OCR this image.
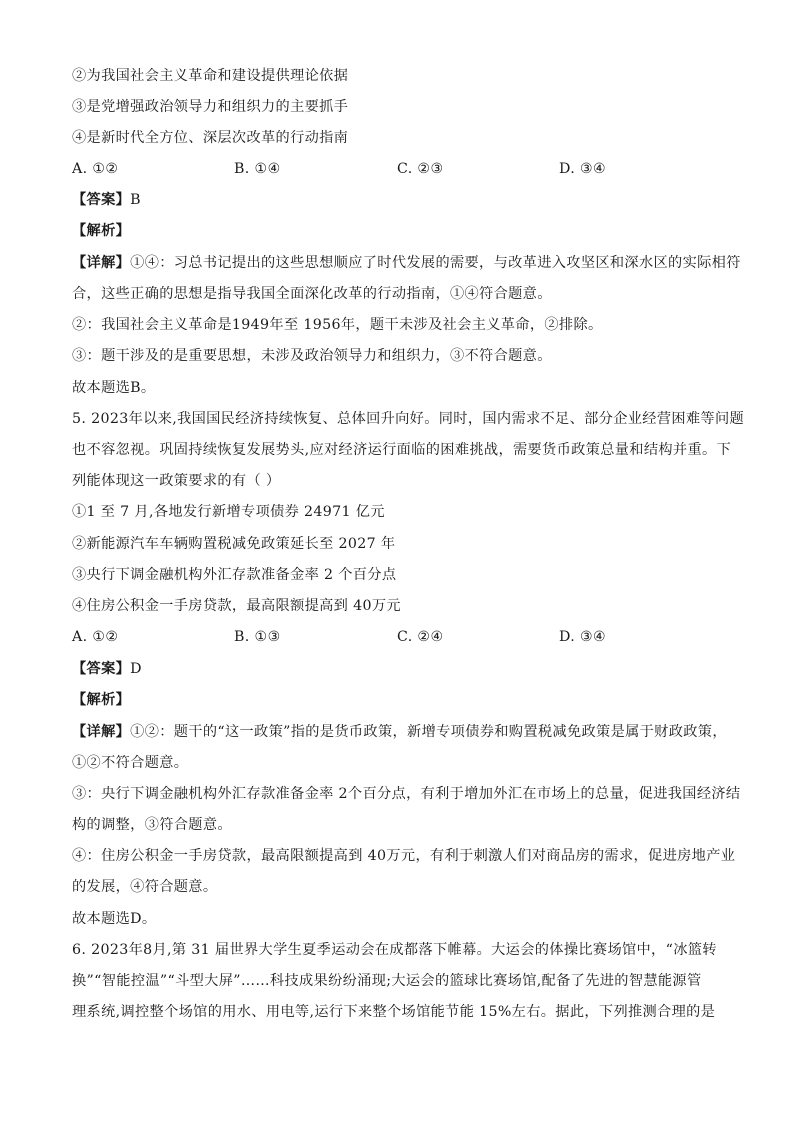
②为我国社会主义革命和建设提供理论依据
③是党增强政治领导力和组织力的主要抓手
④是新时代全方位、深层次改革的行动指南
A. ①②	B. ①④	C. ②③	D. ③④
【答案】B
【解析】
【详解】①④：习总书记提出的这些思想顺应了时代发展的需要，与改革进入攻坚区和深水区的实际相符
合，这些正确的思想是指导我国全面深化改革的行动指南，①④符合题意。
②：我国社会主义革命是1949年至 1956年，题干未涉及社会主义革命，②排除。
③：题干涉及的是重要思想，未涉及政治领导力和组织力，③不符合题意。
故本题选B。
5. 2023年以来,我国国民经济持续恢复、总体回升向好。同时，国内需求不足、部分企业经营困难等问题
也不容忽视。巩固持续恢复发展势头,应对经济运行面临的困难挑战，需要货币政策总量和结构并重。下
列能体现这一政策要求的有（ ）
①1 至 7 月,各地发行新增专项债券 24971 亿元
②新能源汽车车辆购置税减免政策延长至 2027 年
③央行下调金融机构外汇存款准备金率 2 个百分点
④住房公积金一手房贷款，最高限额提高到 40万元
A. ①②	B. ①③	C. ②④	D. ③④
【答案】D
【解析】
【详解】①②：题干的“这一政策”指的是货币政策，新增专项债券和购置税减免政策是属于财政政策，
①②不符合题意。
③：央行下调金融机构外汇存款准备金率 2个百分点，有利于增加外汇在市场上的总量，促进我国经济结
构的调整，③符合题意。
④：住房公积金一手房贷款，最高限额提高到 40万元，有利于刺激人们对商品房的需求，促进房地产业
的发展，④符合题意。
故本题选D。
6. 2023年8月,第 31 届世界大学生夏季运动会在成都落下帷幕。大运会的体操比赛场馆中，“冰篮转
换”“智能控温”“斗型大屏”……科技成果纷纷涌现;大运会的篮球比赛场馆,配备了先进的智慧能源管
理系统,调控整个场馆的用水、用电等,运行下来整个场馆能节能 15%左右。据此，下列推测合理的是
